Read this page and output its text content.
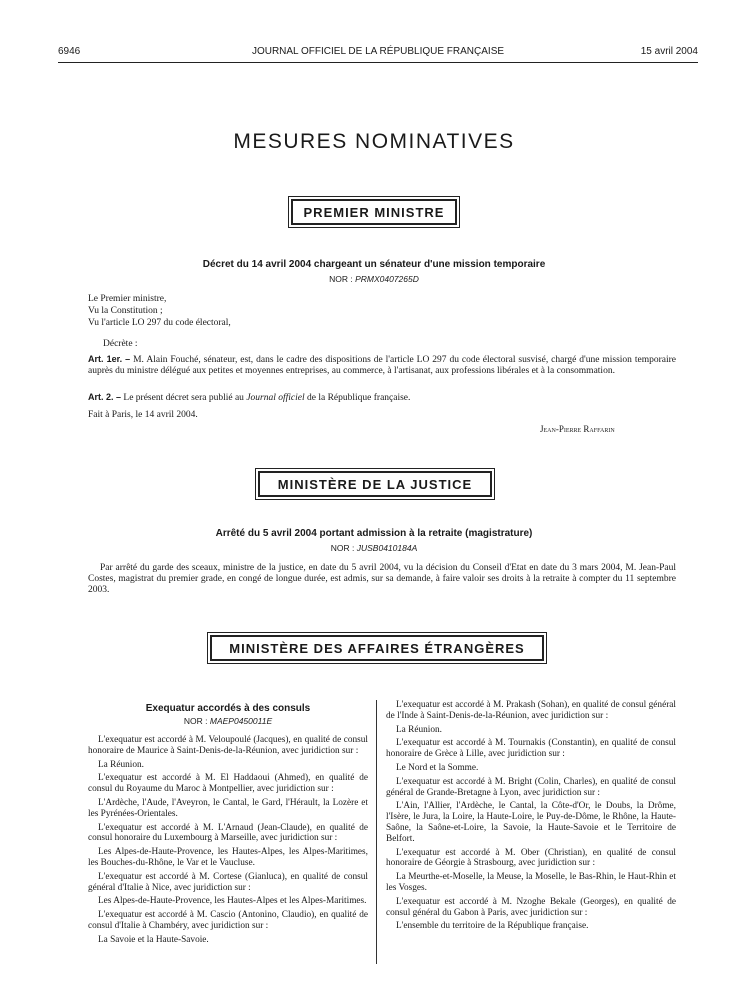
6946	JOURNAL OFFICIEL DE LA RÉPUBLIQUE FRANÇAISE	15 avril 2004
MESURES NOMINATIVES
PREMIER MINISTRE
Décret du 14 avril 2004 chargeant un sénateur d'une mission temporaire
NOR : PRMX0407265D
Le Premier ministre,
Vu la Constitution ;
Vu l'article LO 297 du code électoral,
Décrète :
Art. 1er. – M. Alain Fouché, sénateur, est, dans le cadre des dispositions de l'article LO 297 du code électoral susvisé, chargé d'une mission temporaire auprès du ministre délégué aux petites et moyennes entreprises, au commerce, à l'artisanat, aux professions libérales et à la consommation.
Art. 2. – Le présent décret sera publié au Journal officiel de la République française.
Fait à Paris, le 14 avril 2004.
Jean-Pierre Raffarin
MINISTÈRE DE LA JUSTICE
Arrêté du 5 avril 2004 portant admission à la retraite (magistrature)
NOR : JUSB0410184A
Par arrêté du garde des sceaux, ministre de la justice, en date du 5 avril 2004, vu la décision du Conseil d'Etat en date du 3 mars 2004, M. Jean-Paul Costes, magistrat du premier grade, en congé de longue durée, est admis, sur sa demande, à faire valoir ses droits à la retraite à compter du 11 septembre 2003.
MINISTÈRE DES AFFAIRES ÉTRANGÈRES
Exequatur accordés à des consuls
NOR : MAEP0450011E

L'exequatur est accordé à M. Veloupoulé (Jacques), en qualité de consul honoraire de Maurice à Saint-Denis-de-la-Réunion, avec juridiction sur :

La Réunion.

L'exequatur est accordé à M. El Haddaoui (Ahmed), en qualité de consul du Royaume du Maroc à Montpellier, avec juridiction sur :

L'Ardèche, l'Aude, l'Aveyron, le Cantal, le Gard, l'Hérault, la Lozère et les Pyrénées-Orientales.

L'exequatur est accordé à M. L'Arnaud (Jean-Claude), en qualité de consul honoraire du Luxembourg à Marseille, avec juridiction sur :

Les Alpes-de-Haute-Provence, les Hautes-Alpes, les Alpes-Maritimes, les Bouches-du-Rhône, le Var et le Vaucluse.

L'exequatur est accordé à M. Cortese (Gianluca), en qualité de consul général d'Italie à Nice, avec juridiction sur :

Les Alpes-de-Haute-Provence, les Hautes-Alpes et les Alpes-Maritimes.

L'exequatur est accordé à M. Cascio (Antonino, Claudio), en qualité de consul d'Italie à Chambéry, avec juridiction sur :

La Savoie et la Haute-Savoie.

L'exequatur est accordé à M. Prakash (Sohan), en qualité de consul général de l'Inde à Saint-Denis-de-la-Réunion, avec juridiction sur :

La Réunion.

L'exequatur est accordé à M. Tournakis (Constantin), en qualité de consul honoraire de Grèce à Lille, avec juridiction sur :

Le Nord et la Somme.

L'exequatur est accordé à M. Bright (Colin, Charles), en qualité de consul général de Grande-Bretagne à Lyon, avec juridiction sur :

L'Ain, l'Allier, l'Ardèche, le Cantal, la Côte-d'Or, le Doubs, la Drôme, l'Isère, le Jura, la Loire, la Haute-Loire, le Puy-de-Dôme, le Rhône, la Haute-Saône, la Saône-et-Loire, la Savoie, la Haute-Savoie et le Territoire de Belfort.

L'exequatur est accordé à M. Ober (Christian), en qualité de consul honoraire de Géorgie à Strasbourg, avec juridiction sur :

La Meurthe-et-Moselle, la Meuse, la Moselle, le Bas-Rhin, le Haut-Rhin et les Vosges.

L'exequatur est accordé à M. Nzoghe Bekale (Georges), en qualité de consul général du Gabon à Paris, avec juridiction sur :

L'ensemble du territoire de la République française.
